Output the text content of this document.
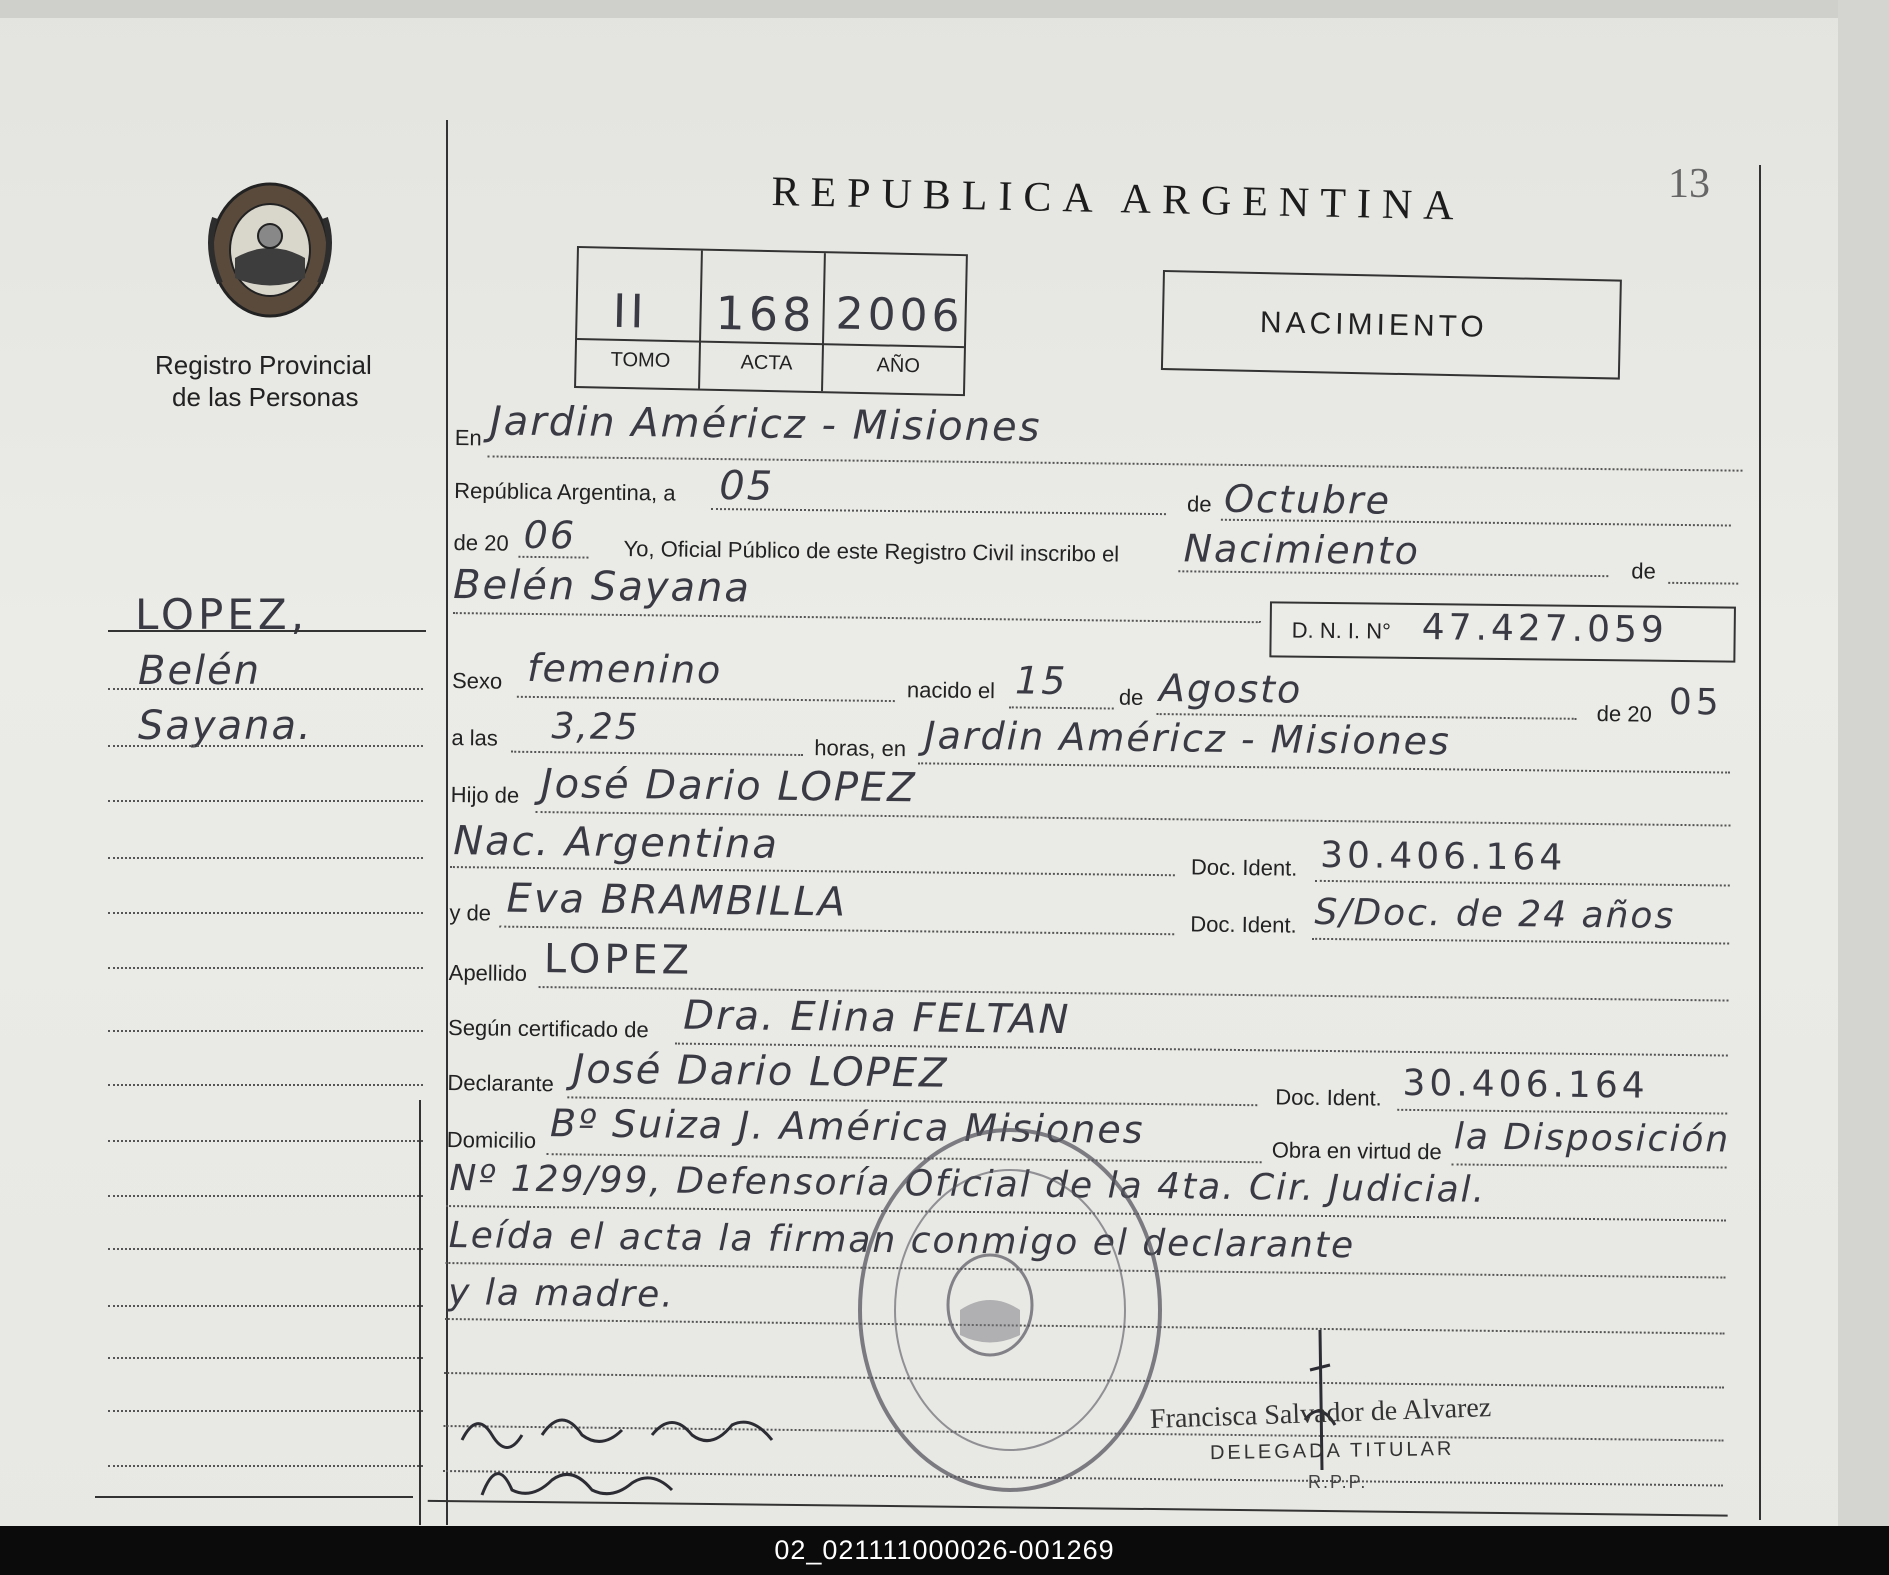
Registro Provincial
de las Personas
REPUBLICA ARGENTINA	13
II 168 2006
TOMO	ACTA	AÑO
NACIMIENTO
LOPEZ,
Belén
Sayana.
En Jardin Américz - Misiones
República Argentina, a 05	de Octubre
de 20 06 Yo, Oficial Público de este Registro Civil inscribo el Nacimiento	de
Belén Sayana
D. N. I. N° 47.427.059
Sexo femenino	nacido el 15 de Agosto
de 20 05
a las 3,25
horas, en Jardin Américz - Misiones
Hijo de José Dario LOPEZ
Nac. Argentina	Doc. Ident. 30.406.164
y de Eva BRAMBILLA	Doc. Ident. S/Doc. de 24 años
Apellido LOPEZ
Según certificado de Dra. Elina FELTAN
Declarante José Dario LOPEZ
Doc. Ident. 30.406.164
Domicilio Bº Suiza J. América Misiones	Obra en virtud de la Disposición
Nº 129/99, Defensoría Oficial de la 4ta. Cir. Judicial.
Leída el acta la firman conmigo el declarante
y la madre.
Francisca Salvador de Alvarez
DELEGADA TITULAR
R.P.P.
02_021111000026-001269
